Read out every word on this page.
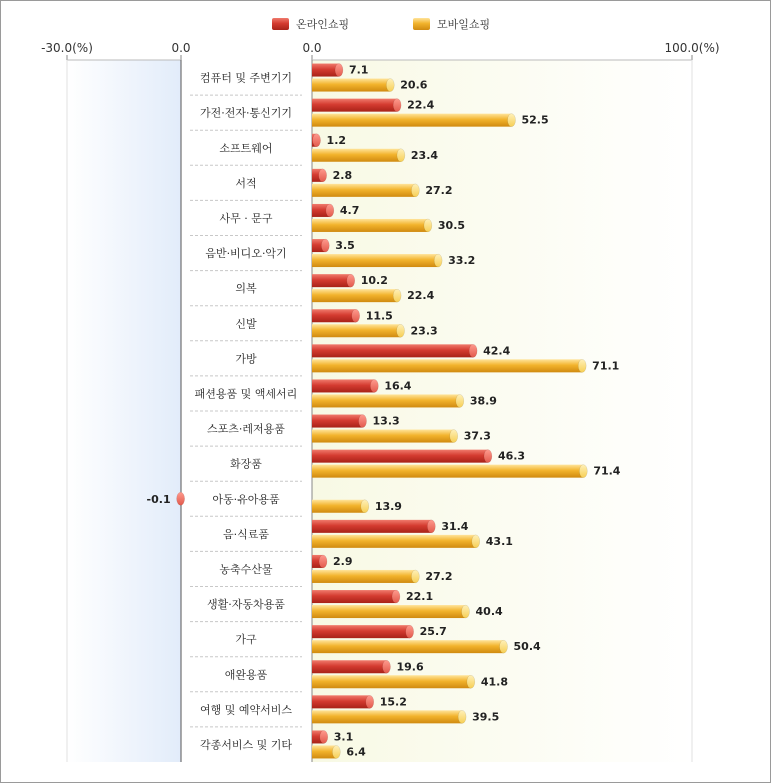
-30.0(%)	0.0	0.0	100.0(%)
온라인쇼핑	모바일쇼핑
컴퓨터 및 주변기기
7.1
20.6
가전·전자·통신기기
22.4
52.5
소프트웨어
1.2
23.4
서적
2.8
27.2
사무 · 문구
4.7
30.5
음반·비디오·악기
3.5
33.2
의복
10.2
22.4
신발
11.5
23.3
가방
42.4
71.1
패션용품 및 액세서리
16.4
38.9
스포츠·레저용품
13.3
37.3
화장품
46.3
71.4
아동·유아용품
-0.1
13.9
음·식료품
31.4
43.1
농축수산물
2.9
27.2
생활·자동차용품
22.1
40.4
가구
25.7
50.4
애완용품
19.6
41.8
여행 및 예약서비스
15.2
39.5
각종서비스 및 기타
3.1
6.4
